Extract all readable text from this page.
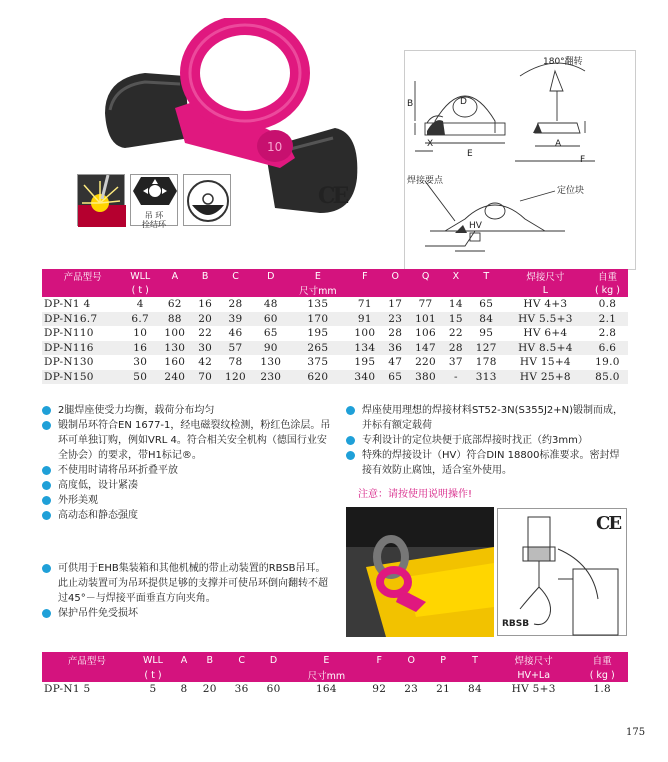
10
吊 环
拴结环
CE
180°翻转
B	D
X
E
A
F
焊接要点
定位块
HV
产品型号	WLL	A	B	C	D	E	F	O	Q	X	T	焊接尺寸	自重
	( t )					尺寸mm						L	( kg )
DP-N1 4	4	62	16	28	48	135	71	17	77	14	65	HV 4+3	0.8
DP-N16.7	6.7	88	20	39	60	170	91	23	101	15	84	HV 5.5+3	2.1
DP-N110	10	100	22	46	65	195	100	28	106	22	95	HV 6+4	2.8
DP-N116	16	130	30	57	90	265	134	36	147	28	127	HV 8.5+4	6.6
DP-N130	30	160	42	78	130	375	195	47	220	37	178	HV 15+4	19.0
DP-N150	50	240	70	120	230	620	340	65	380	-	313	HV 25+8	85.0
2腿焊座使受力均衡，载荷分布均匀
锻制吊环符合EN 1677-1，经电磁裂纹检测，粉红色涂层。吊环可单独订购，例如VRL 4。符合相关安全机构（德国行业安全协会）的要求，带H1标记®。
不使用时请将吊环折叠平放
高度低，设计紧凑
外形美观
高动态和静态强度
焊座使用理想的焊接材料ST52-3N(S355J2+N)锻制而成，并标有额定载荷
专利设计的定位块便于底部焊接时找正（约3mm）
特殊的焊接设计（HV）符合DIN 18800标准要求。密封焊接有效防止腐蚀，适合室外使用。
注意：请按使用说明操作!
可供用于EHB集装箱和其他机械的带止动装置的RBSB吊耳。此止动装置可为吊环提供足够的支撑并可使吊环倒向翻转不超过45°－与焊接平面垂直方向夹角。
保护吊件免受损坏
CE
RBSB
产品型号	WLL	A	B	C	D	E	F	O	P	T	焊接尺寸	自重
	( t )					尺寸mm					HV+La	( kg )
DP-N1 5	5	8	20	36	60	164	92	23	21	84	HV 5+3	1.8
175
